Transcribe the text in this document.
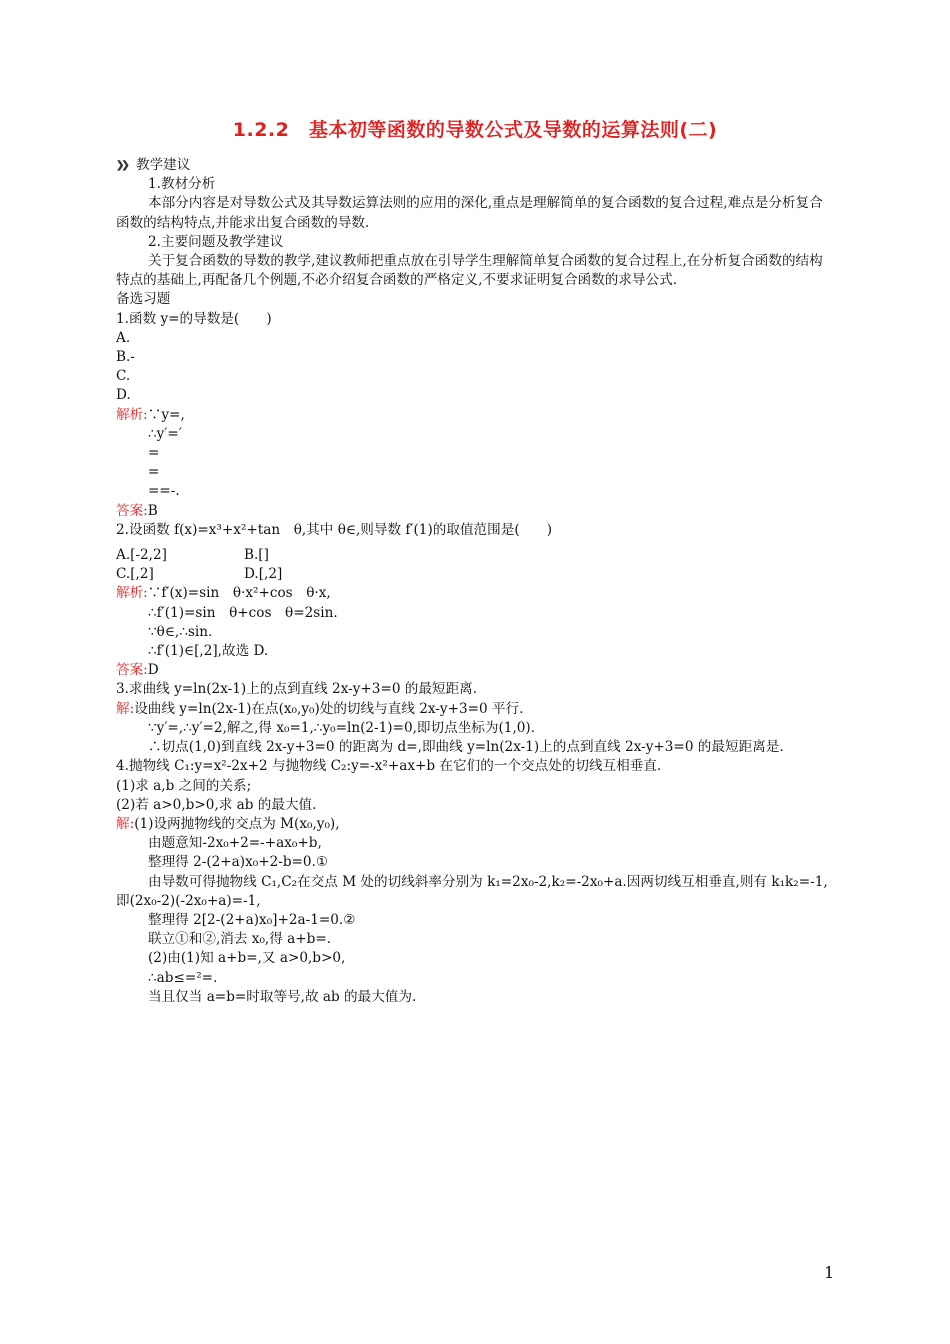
1.2.2　基本初等函数的导数公式及导数的运算法则(二)
❯❯ 教学建议
1.教材分析
本部分内容是对导数公式及其导数运算法则的应用的深化,重点是理解简单的复合函数的复合过程,难点是分析复合函数的结构特点,并能求出复合函数的导数.
2.主要问题及教学建议
关于复合函数的导数的教学,建议教师把重点放在引导学生理解简单复合函数的复合过程上,在分析复合函数的结构特点的基础上,再配备几个例题,不必介绍复合函数的严格定义,不要求证明复合函数的求导公式.
备选习题
1.函数 y=的导数是(　　)
A.
B.-
C.
D.
解析:∵y=,
∴y′=′
=
=
==-.
答案:B
2.设函数 f(x)=x³+x²+tan　θ,其中 θ∈,则导数 f′(1)的取值范围是(　　)
A.[-2,2]	B.[]
C.[,2]	D.[,2]
解析:∵f′(x)=sin　θ·x²+cos　θ·x,
∴f′(1)=sin　θ+cos　θ=2sin.
∵θ∈,∴sin.
∴f′(1)∈[,2],故选 D.
答案:D
3.求曲线 y=ln(2x-1)上的点到直线 2x-y+3=0 的最短距离.
解:设曲线 y=ln(2x-1)在点(x₀,y₀)处的切线与直线 2x-y+3=0 平行.
∵y′=,∴y′=2,解之,得 x₀=1,∴y₀=ln(2-1)=0,即切点坐标为(1,0).
∴切点(1,0)到直线 2x-y+3=0 的距离为 d=,即曲线 y=ln(2x-1)上的点到直线 2x-y+3=0 的最短距离是.
4.抛物线 C₁:y=x²-2x+2 与抛物线 C₂:y=-x²+ax+b 在它们的一个交点处的切线互相垂直.
(1)求 a,b 之间的关系;
(2)若 a>0,b>0,求 ab 的最大值.
解:(1)设两抛物线的交点为 M(x₀,y₀),
由题意知-2x₀+2=-+ax₀+b,
整理得 2-(2+a)x₀+2-b=0.①
由导数可得抛物线 C₁,C₂在交点 M 处的切线斜率分别为 k₁=2x₀-2,k₂=-2x₀+a.因两切线互相垂直,则有 k₁k₂=-1,即(2x₀-2)(-2x₀+a)=-1,
整理得 2[2-(2+a)x₀]+2a-1=0.②
联立①和②,消去 x₀,得 a+b=.
(2)由(1)知 a+b=,又 a>0,b>0,
∴ab≤=²=.
当且仅当 a=b=时取等号,故 ab 的最大值为.
1
